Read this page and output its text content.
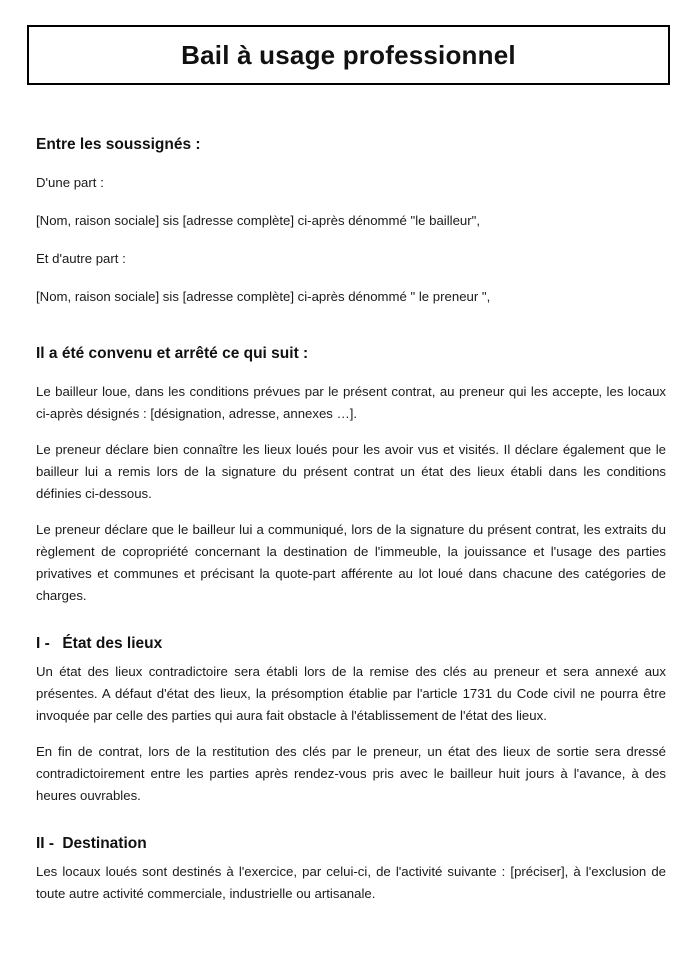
Bail à usage professionnel
Entre les soussignés :

D'une part :

[Nom, raison sociale] sis [adresse complète] ci-après dénommé "le bailleur",

Et d'autre part :

[Nom, raison sociale] sis [adresse complète] ci-après dénommé " le preneur ",

Il a été convenu et arrêté ce qui suit :

Le bailleur loue, dans les conditions prévues par le présent contrat, au preneur qui les accepte, les locaux ci-après désignés : [désignation, adresse, annexes …].

Le preneur déclare bien connaître les lieux loués pour les avoir vus et visités. Il déclare également que le bailleur lui a remis lors de la signature du présent contrat un état des lieux établi dans les conditions définies ci-dessous.

Le preneur déclare que le bailleur lui a communiqué, lors de la signature du présent contrat, les extraits du règlement de copropriété concernant la destination de l'immeuble, la jouissance et l'usage des parties privatives et communes et précisant la quote-part afférente au lot loué dans chacune des catégories de charges.

I - État des lieux

Un état des lieux contradictoire sera établi lors de la remise des clés au preneur et sera annexé aux présentes. A défaut d'état des lieux, la présomption établie par l'article 1731 du Code civil ne pourra être invoquée par celle des parties qui aura fait obstacle à l'établissement de l'état des lieux.

En fin de contrat, lors de la restitution des clés par le preneur, un état des lieux de sortie sera dressé contradictoirement entre les parties après rendez-vous pris avec le bailleur huit jours à l'avance, à des heures ouvrables.

II - Destination

Les locaux loués sont destinés à l'exercice, par celui-ci, de l'activité suivante : [préciser], à l'exclusion de toute autre activité commerciale, industrielle ou artisanale.
